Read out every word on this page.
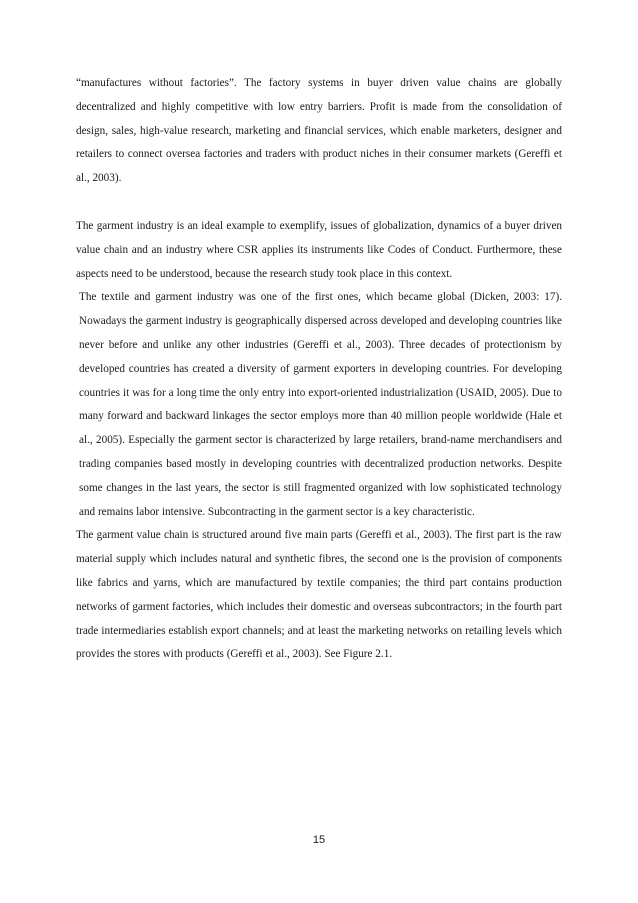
“manufactures without factories”. The factory systems in buyer driven value chains are globally decentralized and highly competitive with low entry barriers. Profit is made from the consolidation of design, sales, high-value research, marketing and financial services, which enable marketers, designer and retailers to connect oversea factories and traders with product niches in their consumer markets (Gereffi et al., 2003).

The garment industry is an ideal example to exemplify, issues of globalization, dynamics of a buyer driven value chain and an industry where CSR applies its instruments like Codes of Conduct. Furthermore, these aspects need to be understood, because the research study took place in this context.

The textile and garment industry was one of the first ones, which became global (Dicken, 2003: 17). Nowadays the garment industry is geographically dispersed across developed and developing countries like never before and unlike any other industries (Gereffi et al., 2003). Three decades of protectionism by developed countries has created a diversity of garment exporters in developing countries. For developing countries it was for a long time the only entry into export-oriented industrialization (USAID, 2005). Due to many forward and backward linkages the sector employs more than 40 million people worldwide (Hale et al., 2005). Especially the garment sector is characterized by large retailers, brand-name merchandisers and trading companies based mostly in developing countries with decentralized production networks. Despite some changes in the last years, the sector is still fragmented organized with low sophisticated technology and remains labor intensive. Subcontracting in the garment sector is a key characteristic.

The garment value chain is structured around five main parts (Gereffi et al., 2003). The first part is the raw material supply which includes natural and synthetic fibres, the second one is the provision of components like fabrics and yarns, which are manufactured by textile companies; the third part contains production networks of garment factories, which includes their domestic and overseas subcontractors; in the fourth part trade intermediaries establish export channels; and at least the marketing networks on retailing levels which provides the stores with products (Gereffi et al., 2003). See Figure 2.1.

15
